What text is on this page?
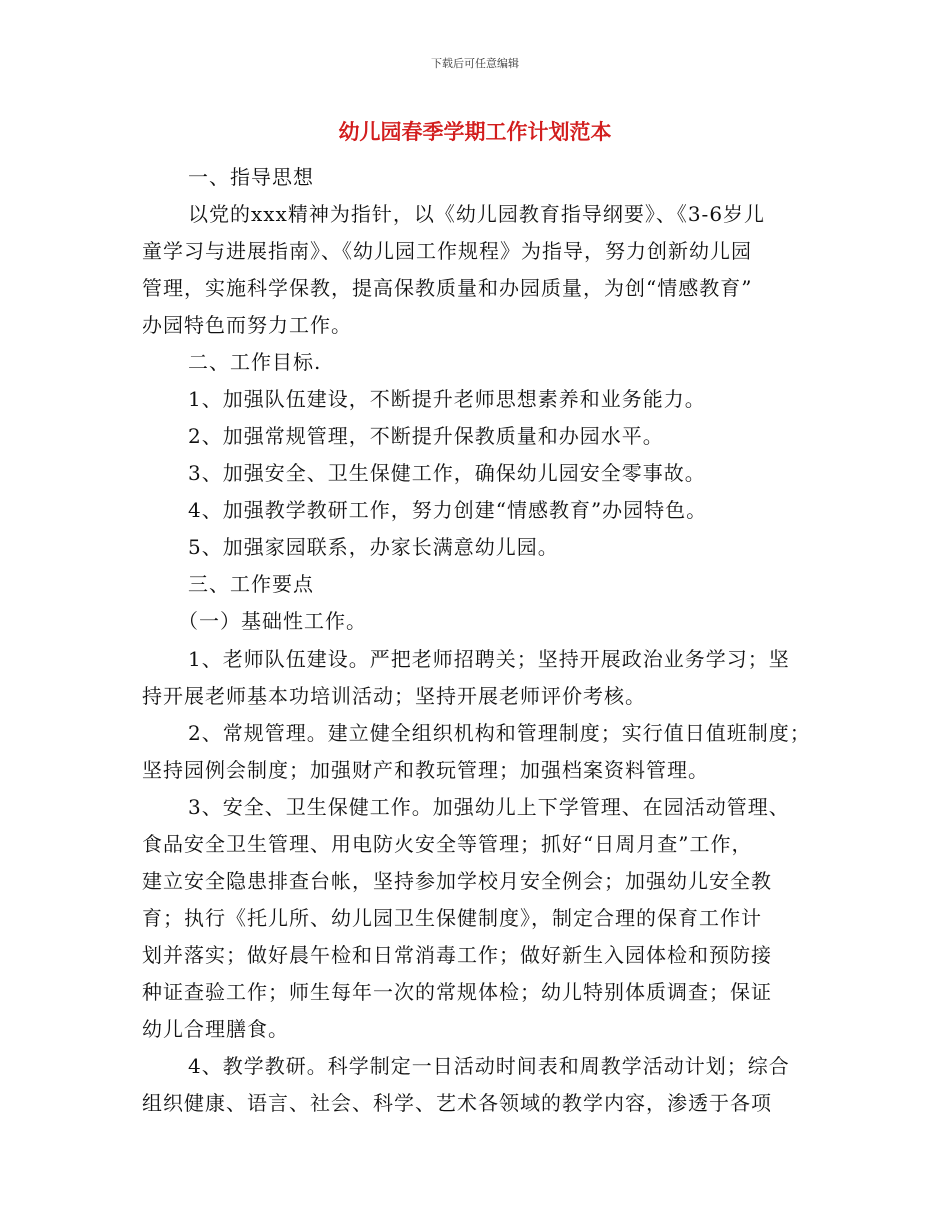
下载后可任意编辑
幼儿园春季学期工作计划范本
一、指导思想
以党的xxx精神为指针，以《幼儿园教育指导纲要》、《3-6岁儿
童学习与进展指南》、《幼儿园工作规程》为指导，努力创新幼儿园
管理，实施科学保教，提高保教质量和办园质量，为创“情感教育”
办园特色而努力工作。
二、工作目标.
1、加强队伍建设，不断提升老师思想素养和业务能力。
2、加强常规管理，不断提升保教质量和办园水平。
3、加强安全、卫生保健工作，确保幼儿园安全零事故。
4、加强教学教研工作，努力创建“情感教育”办园特色。
5、加强家园联系，办家长满意幼儿园。
三、工作要点
（一）基础性工作。
1、老师队伍建设。严把老师招聘关；坚持开展政治业务学习；坚
持开展老师基本功培训活动；坚持开展老师评价考核。
2、常规管理。建立健全组织机构和管理制度；实行值日值班制度；
坚持园例会制度；加强财产和教玩管理；加强档案资料管理。
3、安全、卫生保健工作。加强幼儿上下学管理、在园活动管理、
食品安全卫生管理、用电防火安全等管理；抓好“日周月查”工作，
建立安全隐患排查台帐，坚持参加学校月安全例会；加强幼儿安全教
育；执行《托儿所、幼儿园卫生保健制度》，制定合理的保育工作计
划并落实；做好晨午检和日常消毒工作；做好新生入园体检和预防接
种证查验工作；师生每年一次的常规体检；幼儿特别体质调查；保证
幼儿合理膳食。
4、教学教研。科学制定一日活动时间表和周教学活动计划；综合
组织健康、语言、社会、科学、艺术各领域的教学内容，渗透于各项
